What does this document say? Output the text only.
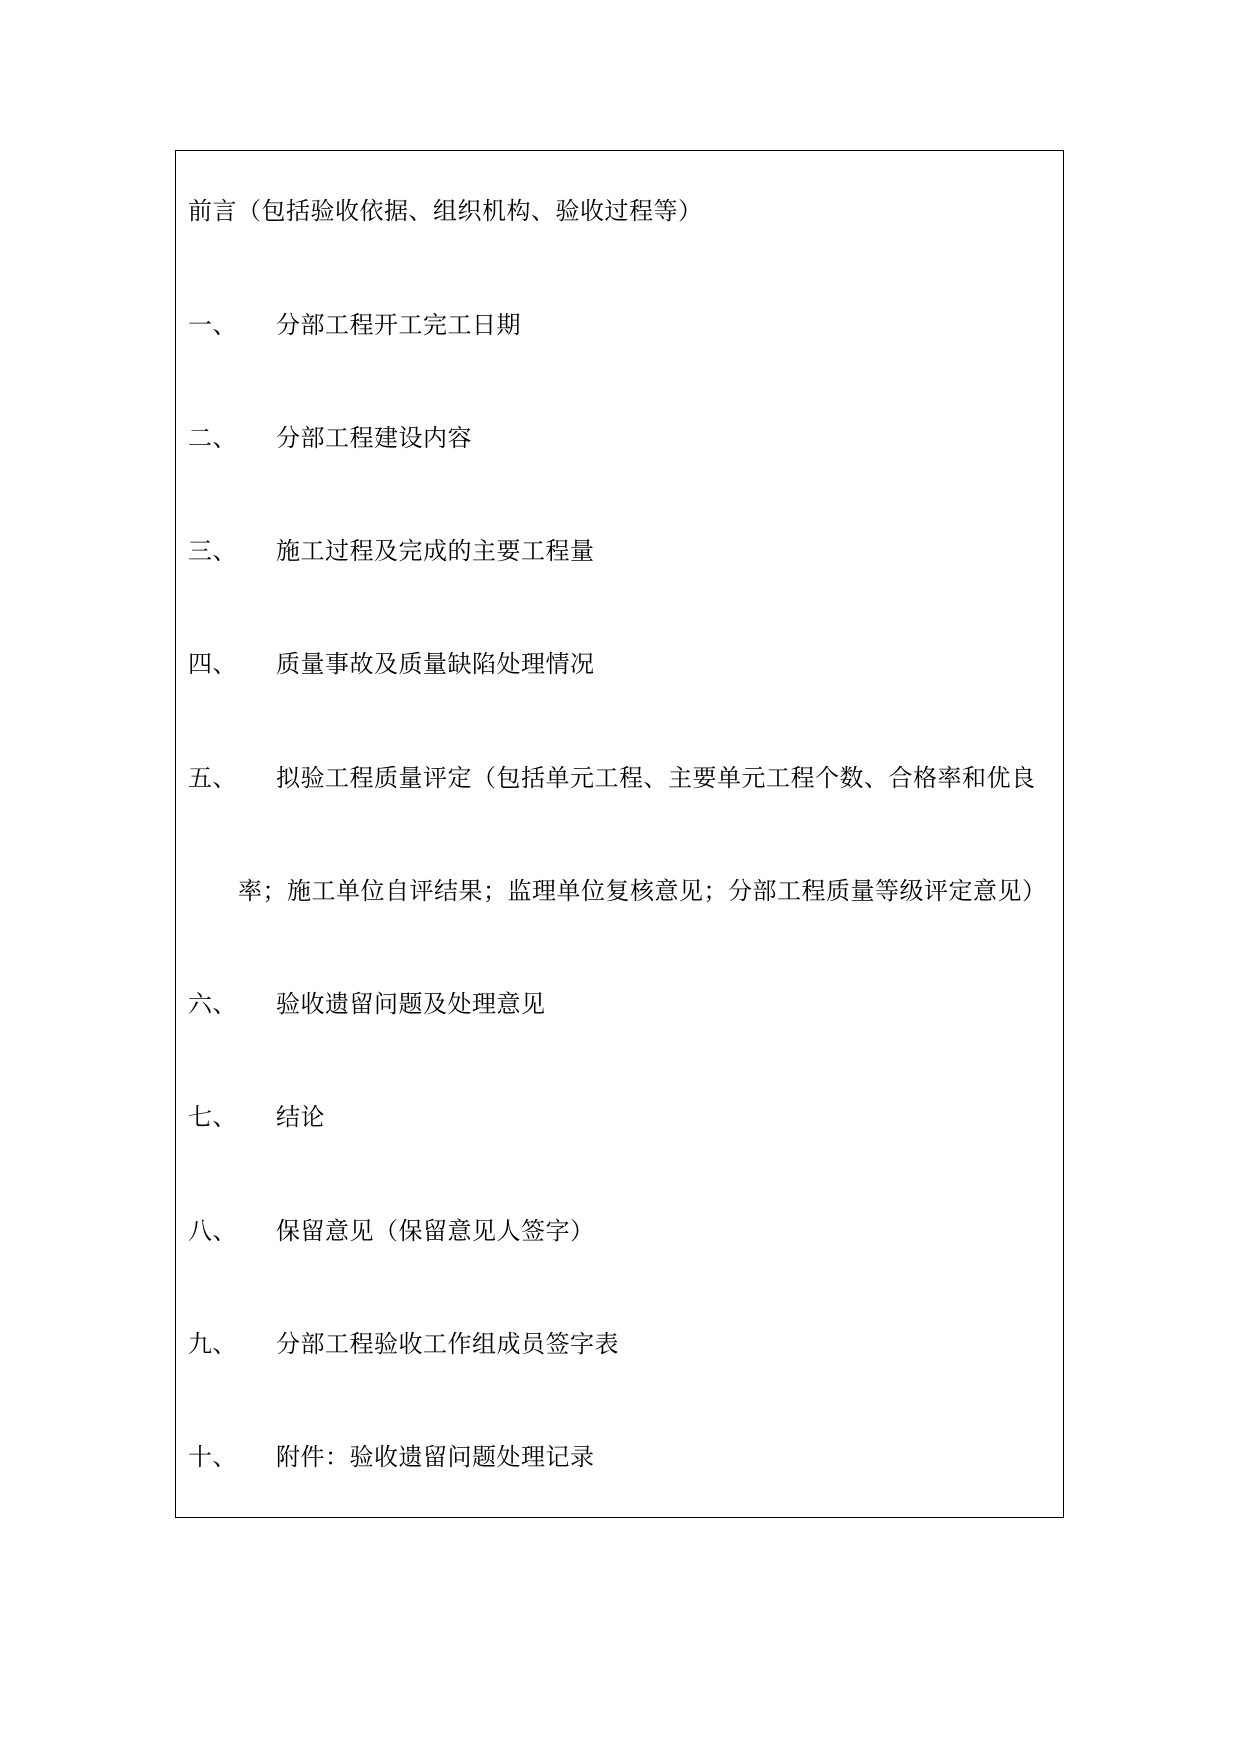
前言（包括验收依据、组织机构、验收过程等）
一、 分部工程开工完工日期
二、 分部工程建设内容
三、 施工过程及完成的主要工程量
四、 质量事故及质量缺陷处理情况
五、 拟验工程质量评定（包括单元工程、主要单元工程个数、合格率和优良
率；施工单位自评结果；监理单位复核意见；分部工程质量等级评定意见）
六、 验收遗留问题及处理意见
七、 结论
八、 保留意见（保留意见人签字）
九、 分部工程验收工作组成员签字表
十、 附件：验收遗留问题处理记录
